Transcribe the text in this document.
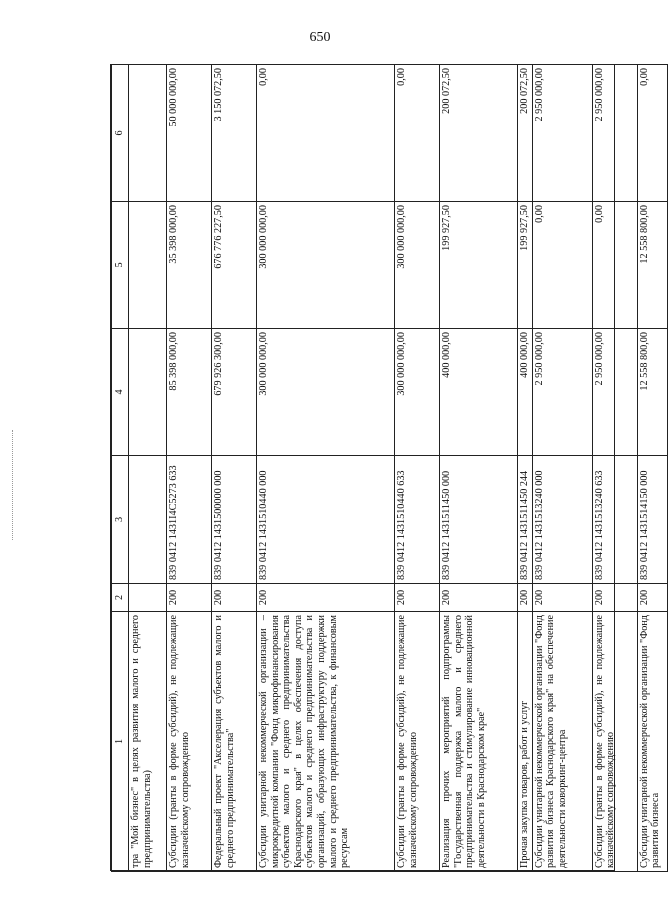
650
1	2	3	4	5	6
тра "Мой бизнес" в целях развития малого и среднего предпринимательства)					
Субсидии (гранты в форме субсидий), не подлежащие казначейскому сопровождению	200	839 0412 1431I4C5273 633	85 398 000,00	35 398 000,00	50 000 000,00
Федеральный проект "Акселерация субъектов малого и среднего предпринимательства"	200	839 0412 1431500000 000	679 926 300,00	676 776 227,50	3 150 072,50
Субсидии унитарной некоммерческой организации – микрокредитной компании "Фонд микрофинансирования субъектов малого и среднего предпринимательства Краснодарского края" в целях обеспечения доступа субъектов малого и среднего предпринимательства и организаций, образующих инфраструктуру поддержки малого и среднего предпринимательства, к финансовым ресурсам	200	839 0412 1431510440 000	300 000 000,00	300 000 000,00	0,00
Субсидии (гранты в форме субсидий), не подлежащие казначейскому сопровождению	200	839 0412 1431510440 633	300 000 000,00	300 000 000,00	0,00
Реализация прочих мероприятий подпрограммы "Государственная поддержка малого и среднего предпринимательства и стимулирование инновационной деятельности в Краснодарском крае"	200	839 0412 1431511450 000	400 000,00	199 927,50	200 072,50
Прочая закупка товаров, работ и услуг	200	839 0412 1431511450 244	400 000,00	199 927,50	200 072,50
Субсидии унитарной некоммерческой организации "Фонд развития бизнеса Краснодарского края" на обеспечение деятельности коворкинг-центра	200	839 0412 1431513240 000	2 950 000,00	0,00	2 950 000,00
Субсидии (гранты в форме субсидий), не подлежащие казначейскому сопровождению	200	839 0412 1431513240 633	2 950 000,00	0,00	2 950 000,00
Субсидии унитарной некоммерческой организации "Фонд развития бизнеса	200	839 0412 1431514150 000	12 558 800,00	12 558 800,00	0,00
